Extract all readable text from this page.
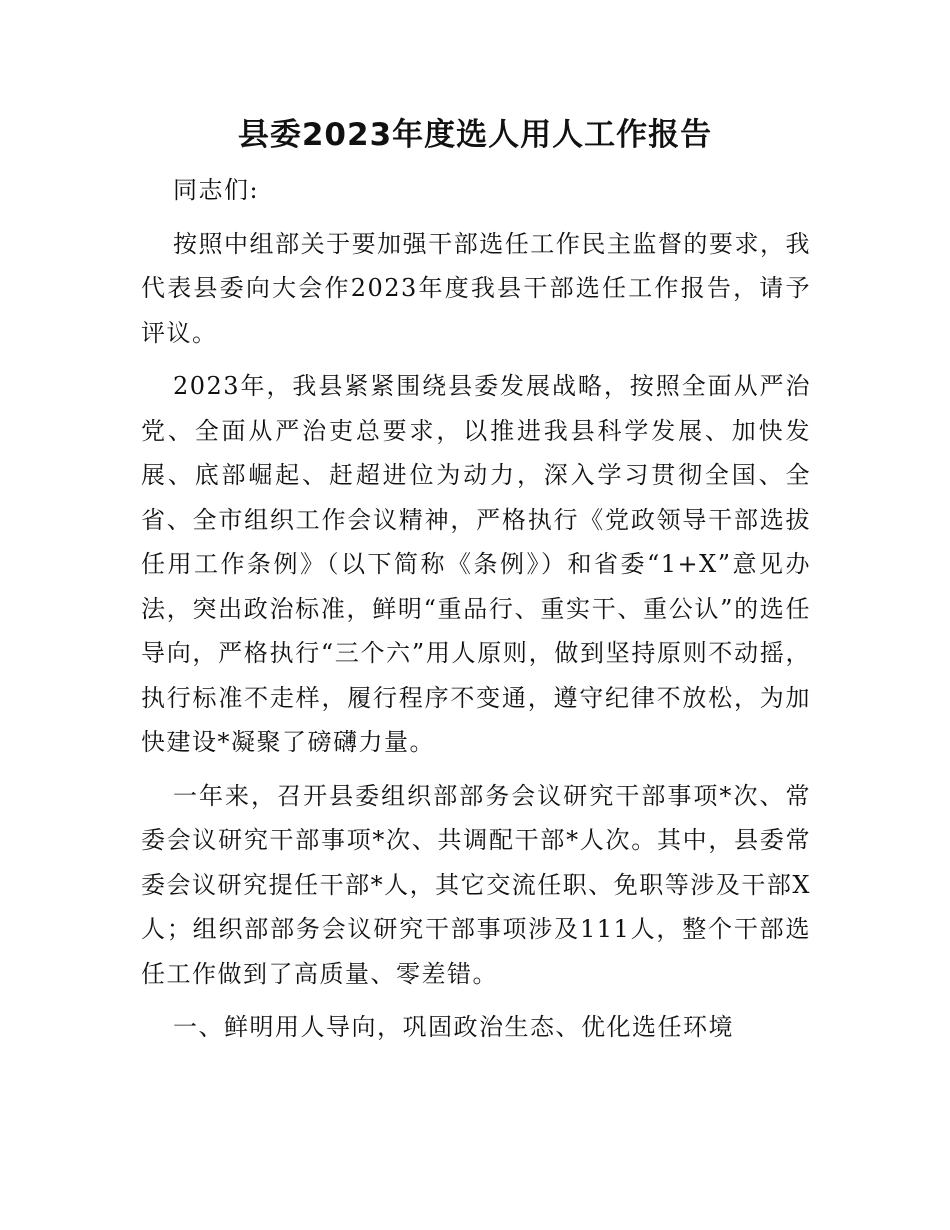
县委2023年度选人用人工作报告

同志们:

按照中组部关于要加强干部选任工作民主监督的要求，我代表县委向大会作2023年度我县干部选任工作报告，请予评议。

2023年，我县紧紧围绕县委发展战略，按照全面从严治党、全面从严治吏总要求，以推进我县科学发展、加快发展、底部崛起、赶超进位为动力，深入学习贯彻全国、全省、全市组织工作会议精神，严格执行《党政领导干部选拔任用工作条例》（以下简称《条例》）和省委“1+X”意见办法，突出政治标准，鲜明“重品行、重实干、重公认”的选任导向，严格执行“三个六”用人原则，做到坚持原则不动摇，执行标准不走样，履行程序不变通，遵守纪律不放松，为加快建设*凝聚了磅礴力量。

一年来，召开县委组织部部务会议研究干部事项*次、常委会议研究干部事项*次、共调配干部*人次。其中，县委常委会议研究提任干部*人，其它交流任职、免职等涉及干部X人；组织部部务会议研究干部事项涉及111人，整个干部选任工作做到了高质量、零差错。

一、鲜明用人导向，巩固政治生态、优化选任环境
